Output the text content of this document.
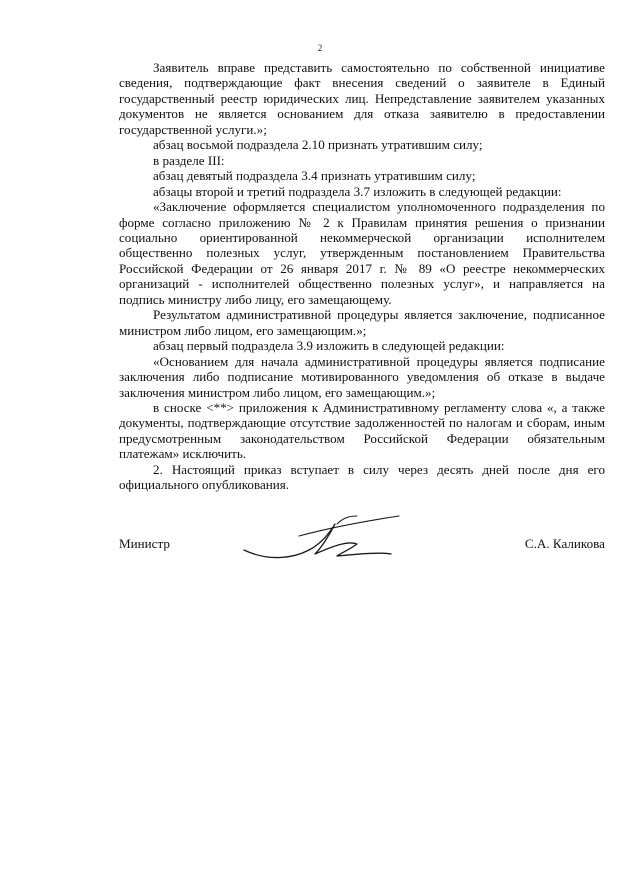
2

Заявитель вправе представить самостоятельно по собственной инициативе сведения, подтверждающие факт внесения сведений о заявителе в Единый государственный реестр юридических лиц. Непредставление заявителем указанных документов не является основанием для отказа заявителю в предоставлении государственной услуги.»;

абзац восьмой подраздела 2.10 признать утратившим силу;

в разделе III:

абзац девятый подраздела 3.4 признать утратившим силу;

абзацы второй и третий подраздела 3.7 изложить в следующей редакции:

«Заключение оформляется специалистом уполномоченного подразделения по форме согласно приложению № 2 к Правилам принятия решения о признании социально ориентированной некоммерческой организации исполнителем общественно полезных услуг, утвержденным постановлением Правительства Российской Федерации от 26 января 2017 г. № 89 «О реестре некоммерческих организаций - исполнителей общественно полезных услуг», и направляется на подпись министру либо лицу, его замещающему.

Результатом административной процедуры является заключение, подписанное министром либо лицом, его замещающим.»;

абзац первый подраздела 3.9 изложить в следующей редакции:

«Основанием для начала административной процедуры является подписание заключения либо подписание мотивированного уведомления об отказе в выдаче заключения министром либо лицом, его замещающим.»;

в сноске <**> приложения к Административному регламенту слова «, а также документы, подтверждающие отсутствие задолженностей по налогам и сборам, иным предусмотренным законодательством Российской Федерации обязательным платежам» исключить.

2. Настоящий приказ вступает в силу через десять дней после дня его официального опубликования.

Министр	С.А. Каликова
